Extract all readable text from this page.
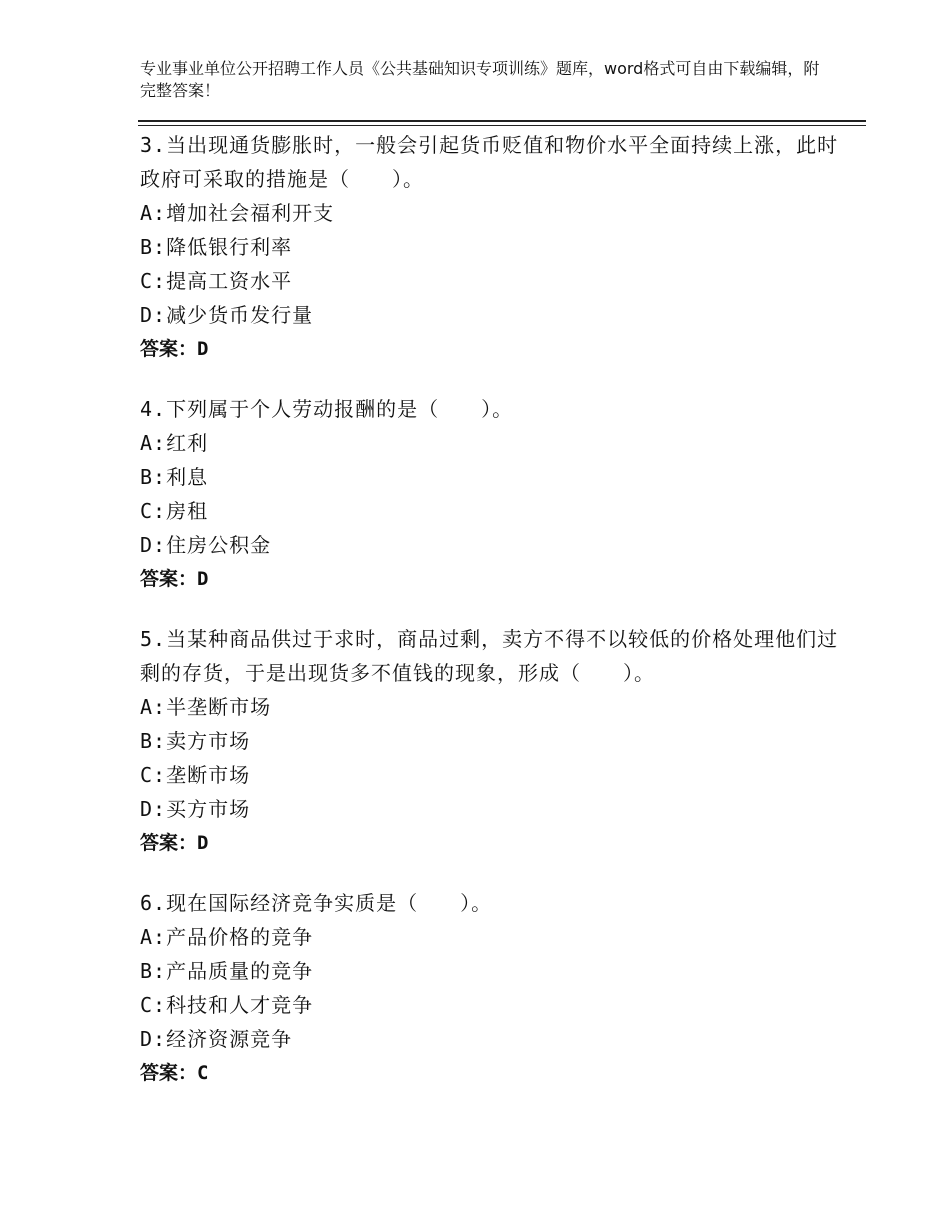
专业事业单位公开招聘工作人员《公共基础知识专项训练》题库，word格式可自由下载编辑，附完整答案！

3.当出现通货膨胀时，一般会引起货币贬值和物价水平全面持续上涨，此时政府可采取的措施是（　　）。

A:增加社会福利开支

B:降低银行利率

C:提高工资水平

D:减少货币发行量

答案：D

4.下列属于个人劳动报酬的是（　　）。

A:红利

B:利息

C:房租

D:住房公积金

答案：D

5.当某种商品供过于求时，商品过剩，卖方不得不以较低的价格处理他们过剩的存货，于是出现货多不值钱的现象，形成（　　）。

A:半垄断市场

B:卖方市场

C:垄断市场

D:买方市场

答案：D

6.现在国际经济竞争实质是（　　）。

A:产品价格的竞争

B:产品质量的竞争

C:科技和人才竞争

D:经济资源竞争

答案：C
